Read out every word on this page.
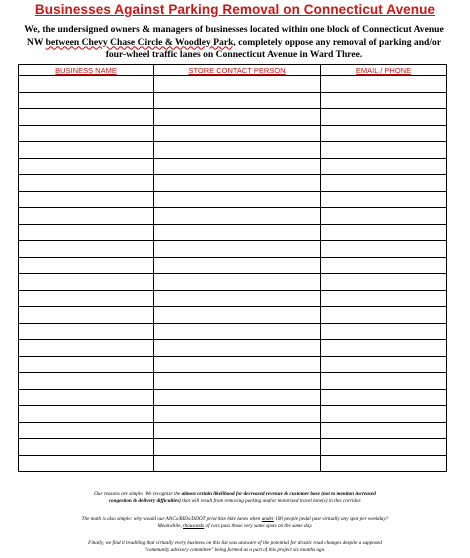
Businesses Against Parking Removal on Connecticut Avenue

We, the undersigned owners & managers of businesses located within one block of Connecticut Avenue

NW between Chevy Chase Circle & Woodley Park, completely oppose any removal of parking and/or

four-wheel traffic lanes on Connecticut Avenue in Ward Three.

BUSINESS NAME	STORE CONTACT PERSON	EMAIL / PHONE

Our reasons are simple. We recognize the almost certain likelihood for decreased revenue & customer base (not to mention increased

congestion & delivery difficulties) that will result from removing parking and/or motorized travel lane(s) in this corridor.

The math is also simple: why would our ANCs/BIDs/DDOT prioritize bike lanes when under 100 people pedal past virtually any spot per weekday?

Meanwhile, thousands of cars pass those very same spots on the same day.

Finally, we find it troubling that virtually every business on this list was unaware of the potential for drastic road changes despite a supposed

"community advisory committee" being formed as a part of this project six months ago.
